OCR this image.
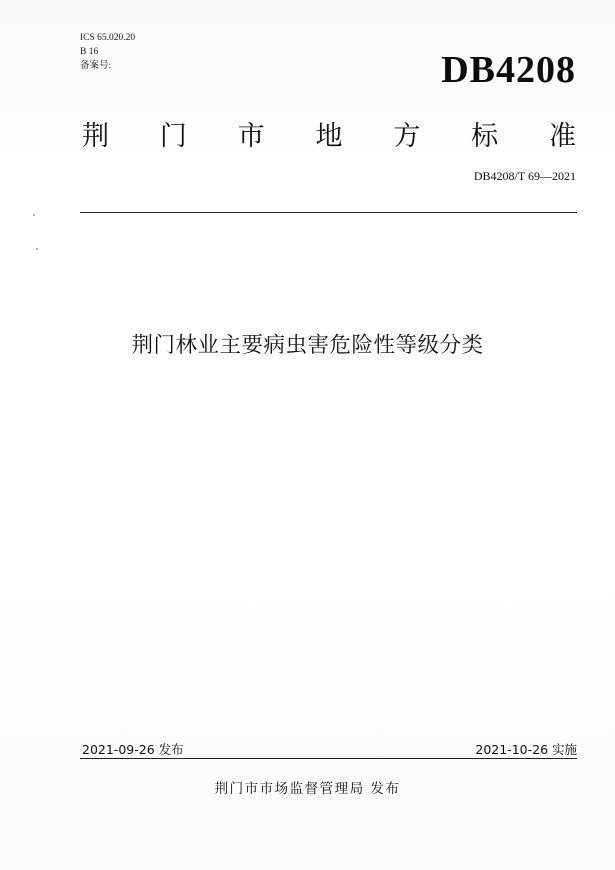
ICS 65.020.20
B 16
备案号:	DB4208
荆 门 市 地 方 标 准
DB4208/T 69—2021
荆门林业主要病虫害危险性等级分类
2021-09-26 发布	2021-10-26 实施
荆门市市场监督管理局 发布
